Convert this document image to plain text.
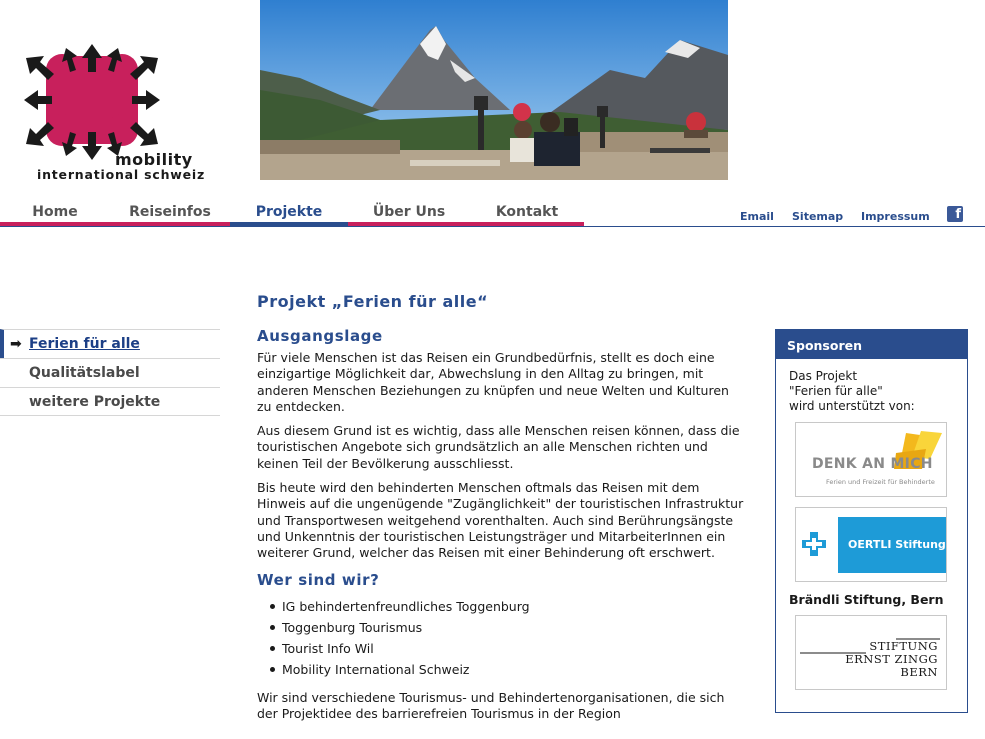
mobility
international schweiz
Home	Reiseinfos	Projekte	Über Uns	Kontakt	Email Sitemap Impressum	f
➡ Ferien für alle
Qualitätslabel
weitere Projekte
Projekt „Ferien für alle“
Ausgangslage

Für viele Menschen ist das Reisen ein Grundbedürfnis, stellt es doch eine einzigartige Möglichkeit dar, Abwechslung in den Alltag zu bringen, mit anderen Menschen Beziehungen zu knüpfen und neue Welten und Kulturen zu entdecken.

Aus diesem Grund ist es wichtig, dass alle Menschen reisen können, dass die touristischen Angebote sich grundsätzlich an alle Menschen richten und keinen Teil der Bevölkerung ausschliesst.

Bis heute wird den behinderten Menschen oftmals das Reisen mit dem Hinweis auf die ungenügende "Zugänglichkeit" der touristischen Infrastruktur und Transportwesen weitgehend vorenthalten. Auch sind Berührungsängste und Unkenntnis der touristischen Leistungsträger und MitarbeiterInnen ein weiterer Grund, welcher das Reisen mit einer Behinderung oft erschwert.

Wer sind wir?
IG behindertenfreundliches Toggenburg
Toggenburg Tourismus
Tourist Info Wil
Mobility International Schweiz

Wir sind verschiedene Tourismus- und Behindertenorganisationen, die sich der Projektidee des barrierefreien Tourismus in der Region

Sponsoren
Das Projekt
"Ferien für alle"
wird unterstützt von:
DENK AN MICH
Ferien und Freizeit für Behinderte
OERTLI Stiftung
Brändli Stiftung, Bern
STIFTUNG
ERNST ZINGG
BERN
